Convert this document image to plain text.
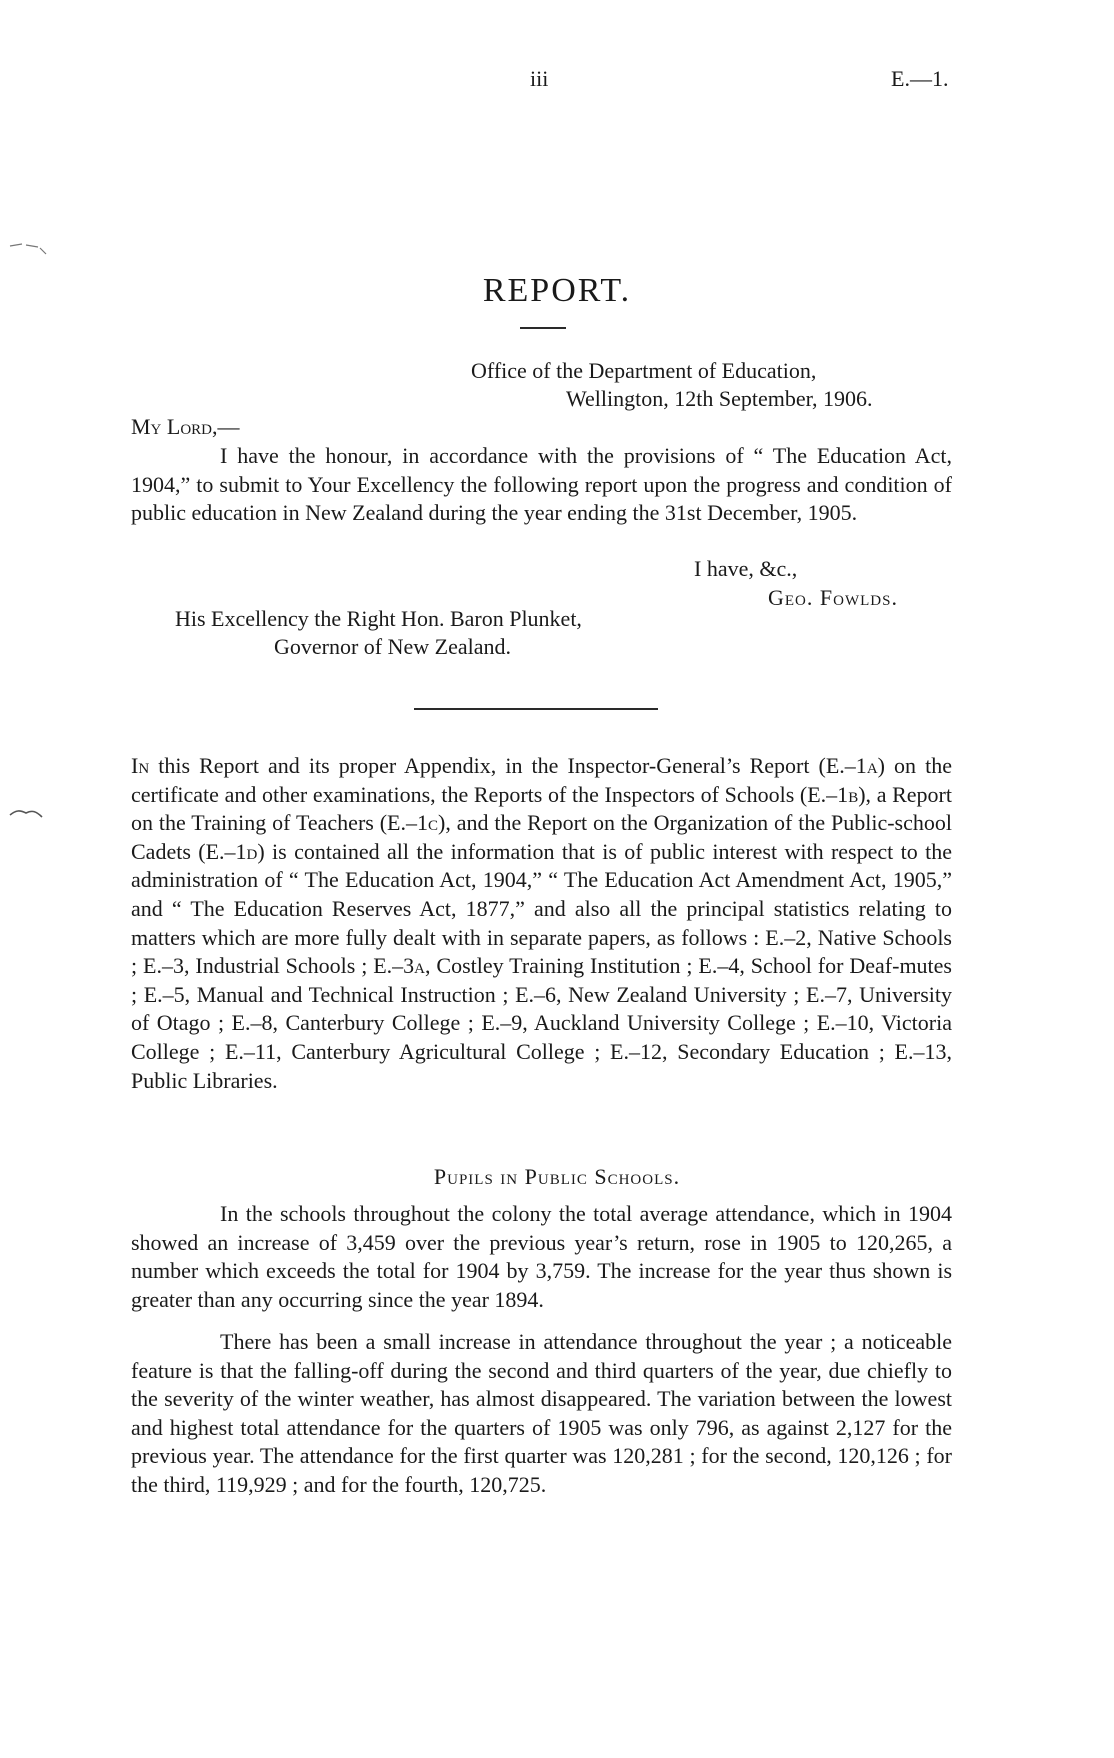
iii	E.—1.
REPORT.
Office of the Department of Education,
Wellington, 12th September, 1906.
My Lord,—

I have the honour, in accordance with the provisions of “ The Education Act, 1904,” to submit to Your Excellency the following report upon the progress and condition of public education in New Zealand during the year ending the 31st December, 1905.

I have, &c.,
Geo. Fowlds.
His Excellency the Right Hon. Baron Plunket,
Governor of New Zealand.

In this Report and its proper Appendix, in the Inspector-General’s Report (E.–1a) on the certificate and other examinations, the Reports of the Inspectors of Schools (E.–1b), a Report on the Training of Teachers (E.–1c), and the Report on the Organization of the Public-school Cadets (E.–1d) is contained all the information that is of public interest with respect to the administration of “ The Education Act, 1904,” “ The Education Act Amendment Act, 1905,” and “ The Education Reserves Act, 1877,” and also all the principal statistics relating to matters which are more fully dealt with in separate papers, as follows : E.–2, Native Schools ; E.–3, Industrial Schools ; E.–3a, Costley Training Institution ; E.–4, School for Deaf-mutes ; E.–5, Manual and Technical Instruction ; E.–6, New Zealand University ; E.–7, University of Otago ; E.–8, Canterbury College ; E.–9, Auckland University College ; E.–10, Victoria College ; E.–11, Canterbury Agricultural College ; E.–12, Secondary Education ; E.–13, Public Libraries.

Pupils in Public Schools.

In the schools throughout the colony the total average attendance, which in 1904 showed an increase of 3,459 over the previous year’s return, rose in 1905 to 120,265, a number which exceeds the total for 1904 by 3,759. The increase for the year thus shown is greater than any occurring since the year 1894.

There has been a small increase in attendance throughout the year ; a noticeable feature is that the falling-off during the second and third quarters of the year, due chiefly to the severity of the winter weather, has almost disappeared. The variation between the lowest and highest total attendance for the quarters of 1905 was only 796, as against 2,127 for the previous year. The attendance for the first quarter was 120,281 ; for the second, 120,126 ; for the third, 119,929 ; and for the fourth, 120,725.
